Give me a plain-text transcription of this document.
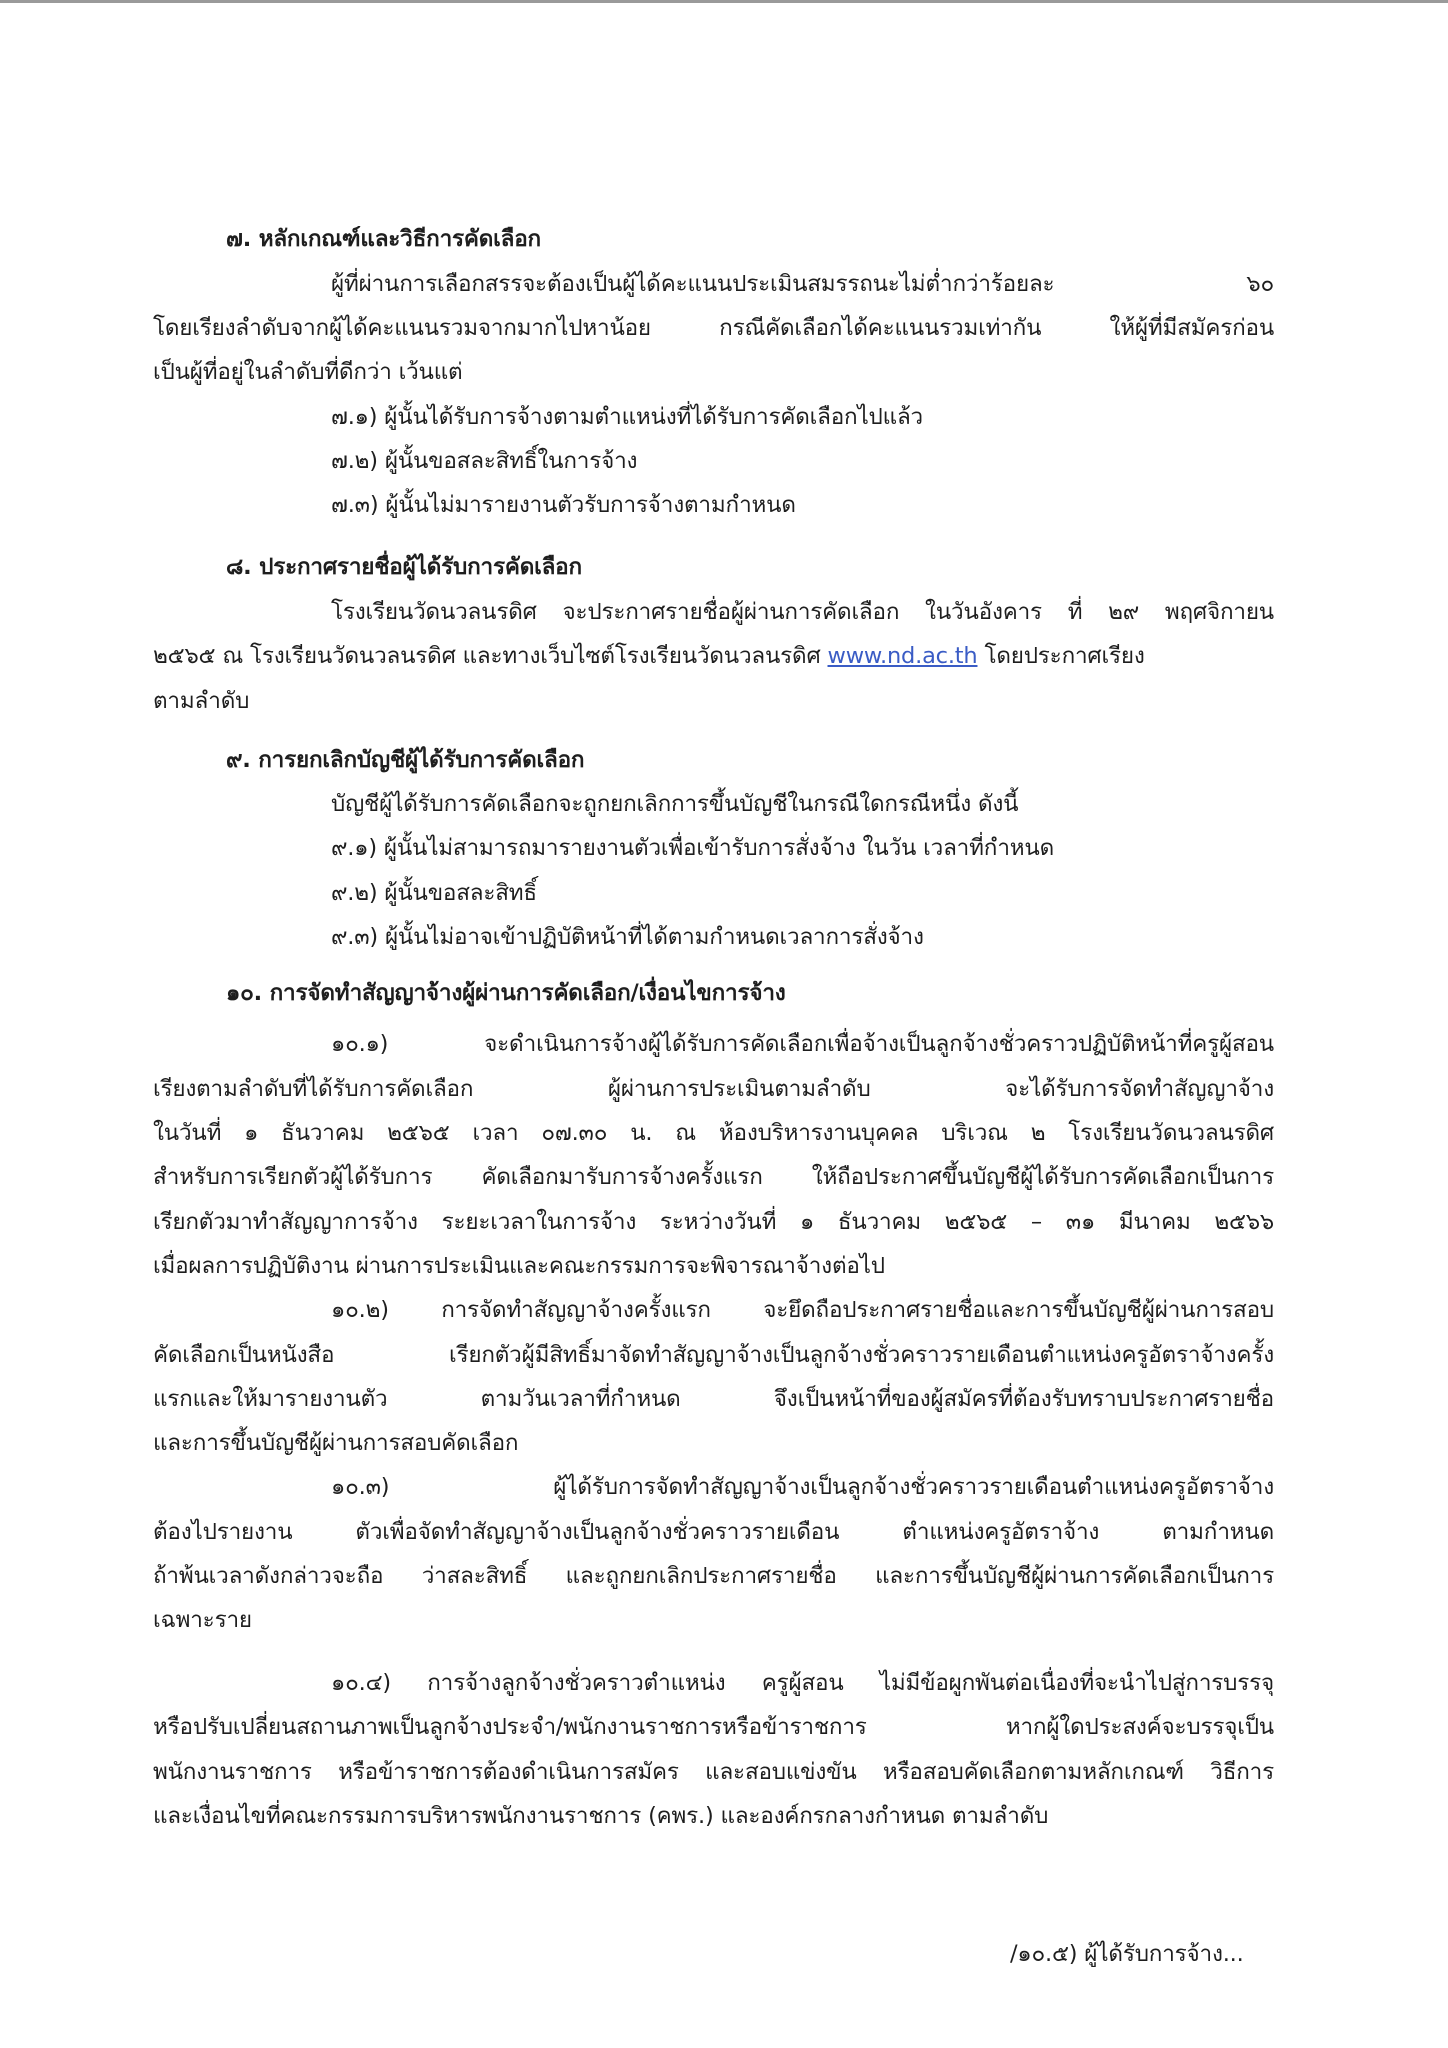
๗. หลักเกณฑ์และวิธีการคัดเลือก
ผู้ที่ผ่านการเลือกสรรจะต้องเป็นผู้ได้คะแนนประเมินสมรรถนะไม่ต่ำกว่าร้อยละ ๖๐
โดยเรียงลำดับจากผู้ได้คะแนนรวมจากมากไปหาน้อย กรณีคัดเลือกได้คะแนนรวมเท่ากัน ให้ผู้ที่มีสมัครก่อน
เป็นผู้ที่อยู่ในลำดับที่ดีกว่า เว้นแต่
๗.๑) ผู้นั้นได้รับการจ้างตามตำแหน่งที่ได้รับการคัดเลือกไปแล้ว
๗.๒) ผู้นั้นขอสละสิทธิ์ในการจ้าง
๗.๓) ผู้นั้นไม่มารายงานตัวรับการจ้างตามกำหนด
๘. ประกาศรายชื่อผู้ได้รับการคัดเลือก
โรงเรียนวัดนวลนรดิศ จะประกาศรายชื่อผู้ผ่านการคัดเลือก ในวันอังคาร ที่ ๒๙ พฤศจิกายน
๒๕๖๕ ณ โรงเรียนวัดนวลนรดิศ และทางเว็บไซต์โรงเรียนวัดนวลนรดิศ www.nd.ac.th โดยประกาศเรียง
ตามลำดับ
๙. การยกเลิกบัญชีผู้ได้รับการคัดเลือก
บัญชีผู้ได้รับการคัดเลือกจะถูกยกเลิกการขึ้นบัญชีในกรณีใดกรณีหนึ่ง ดังนี้
๙.๑) ผู้นั้นไม่สามารถมารายงานตัวเพื่อเข้ารับการสั่งจ้าง ในวัน เวลาที่กำหนด
๙.๒) ผู้นั้นขอสละสิทธิ์
๙.๓) ผู้นั้นไม่อาจเข้าปฏิบัติหน้าที่ได้ตามกำหนดเวลาการสั่งจ้าง
๑๐. การจัดทำสัญญาจ้างผู้ผ่านการคัดเลือก/เงื่อนไขการจ้าง
๑๐.๑) จะดำเนินการจ้างผู้ได้รับการคัดเลือกเพื่อจ้างเป็นลูกจ้างชั่วคราวปฏิบัติหน้าที่ครูผู้สอน
เรียงตามลำดับที่ได้รับการคัดเลือก ผู้ผ่านการประเมินตามลำดับ จะได้รับการจัดทำสัญญาจ้าง
ในวันที่ ๑ ธันวาคม ๒๕๖๕ เวลา ๐๗.๓๐ น. ณ ห้องบริหารงานบุคคล บริเวณ ๒ โรงเรียนวัดนวลนรดิศ
สำหรับการเรียกตัวผู้ได้รับการ คัดเลือกมารับการจ้างครั้งแรก ให้ถือประกาศขึ้นบัญชีผู้ได้รับการคัดเลือกเป็นการ
เรียกตัวมาทำสัญญาการจ้าง ระยะเวลาในการจ้าง ระหว่างวันที่ ๑ ธันวาคม ๒๕๖๕ – ๓๑ มีนาคม ๒๕๖๖
เมื่อผลการปฏิบัติงาน ผ่านการประเมินและคณะกรรมการจะพิจารณาจ้างต่อไป
๑๐.๒) การจัดทำสัญญาจ้างครั้งแรก จะยึดถือประกาศรายชื่อและการขึ้นบัญชีผู้ผ่านการสอบ
คัดเลือกเป็นหนังสือ เรียกตัวผู้มีสิทธิ์มาจัดทำสัญญาจ้างเป็นลูกจ้างชั่วคราวรายเดือนตำแหน่งครูอัตราจ้างครั้ง
แรกและให้มารายงานตัว ตามวันเวลาที่กำหนด จึงเป็นหน้าที่ของผู้สมัครที่ต้องรับทราบประกาศรายชื่อ
และการขึ้นบัญชีผู้ผ่านการสอบคัดเลือก
๑๐.๓) ผู้ได้รับการจัดทำสัญญาจ้างเป็นลูกจ้างชั่วคราวรายเดือนตำแหน่งครูอัตราจ้าง
ต้องไปรายงาน ตัวเพื่อจัดทำสัญญาจ้างเป็นลูกจ้างชั่วคราวรายเดือน ตำแหน่งครูอัตราจ้าง ตามกำหนด
ถ้าพ้นเวลาดังกล่าวจะถือ ว่าสละสิทธิ์ และถูกยกเลิกประกาศรายชื่อ และการขึ้นบัญชีผู้ผ่านการคัดเลือกเป็นการ
เฉพาะราย
๑๐.๔) การจ้างลูกจ้างชั่วคราวตำแหน่ง ครูผู้สอน ไม่มีข้อผูกพันต่อเนื่องที่จะนำไปสู่การบรรจุ
หรือปรับเปลี่ยนสถานภาพเป็นลูกจ้างประจำ/พนักงานราชการหรือข้าราชการ หากผู้ใดประสงค์จะบรรจุเป็น
พนักงานราชการ หรือข้าราชการต้องดำเนินการสมัคร และสอบแข่งขัน หรือสอบคัดเลือกตามหลักเกณฑ์ วิธีการ
และเงื่อนไขที่คณะกรรมการบริหารพนักงานราชการ (คพร.) และองค์กรกลางกำหนด ตามลำดับ
/๑๐.๕) ผู้ได้รับการจ้าง...
